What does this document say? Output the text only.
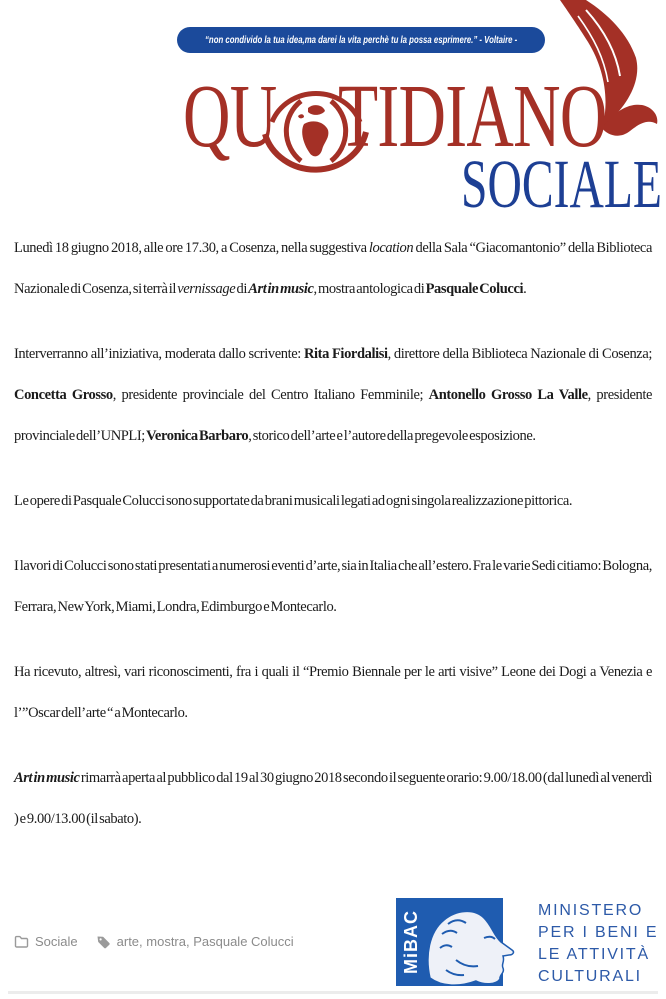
“non condivido la tua idea,ma darei la vita perchè tu la possa esprimere.” - Voltaire -
QU TIDIANO
SOCIALE

Lunedì 18 giugno 2018, alle ore 17.30, a Cosenza, nella suggestiva location della Sala “Giacomantonio” della Biblioteca Nazionale di Cosenza, si terrà il vernissage di Art in music, mostra antologica di Pasquale Colucci.

Interverranno all’iniziativa, moderata dallo scrivente: Rita Fiordalisi, direttore della Biblioteca Nazionale di Cosenza; Concetta Grosso, presidente provinciale del Centro Italiano Femminile; Antonello Grosso La Valle, presidente provinciale dell’UNPLI; Veronica Barbaro, storico dell’arte e l’autore della pregevole esposizione.

Le opere di Pasquale Colucci sono supportate da brani musicali legati ad ogni singola realizzazione pittorica.

I lavori di Colucci sono stati presentati a numerosi eventi d’arte, sia in Italia che all’estero. Fra le varie Sedi citiamo: Bologna, Ferrara, New York, Miami, Londra, Edimburgo e Montecarlo.

Ha ricevuto, altresì, vari riconoscimenti, fra i quali il “Premio Biennale per le arti visive” Leone dei Dogi a Venezia e l’”Oscar dell’arte “ a Montecarlo.

Art in music rimarrà aperta al pubblico dal 19 al 30 giugno 2018 secondo il seguente orario: 9.00/18.00 (dal lunedì al venerdì ) e 9.00/13.00 (il sabato).

MiBAC	MINISTERO
PER I BENI E
LE ATTIVITÀ
CULTURALI
Sociale	arte, mostra, Pasquale Colucci
